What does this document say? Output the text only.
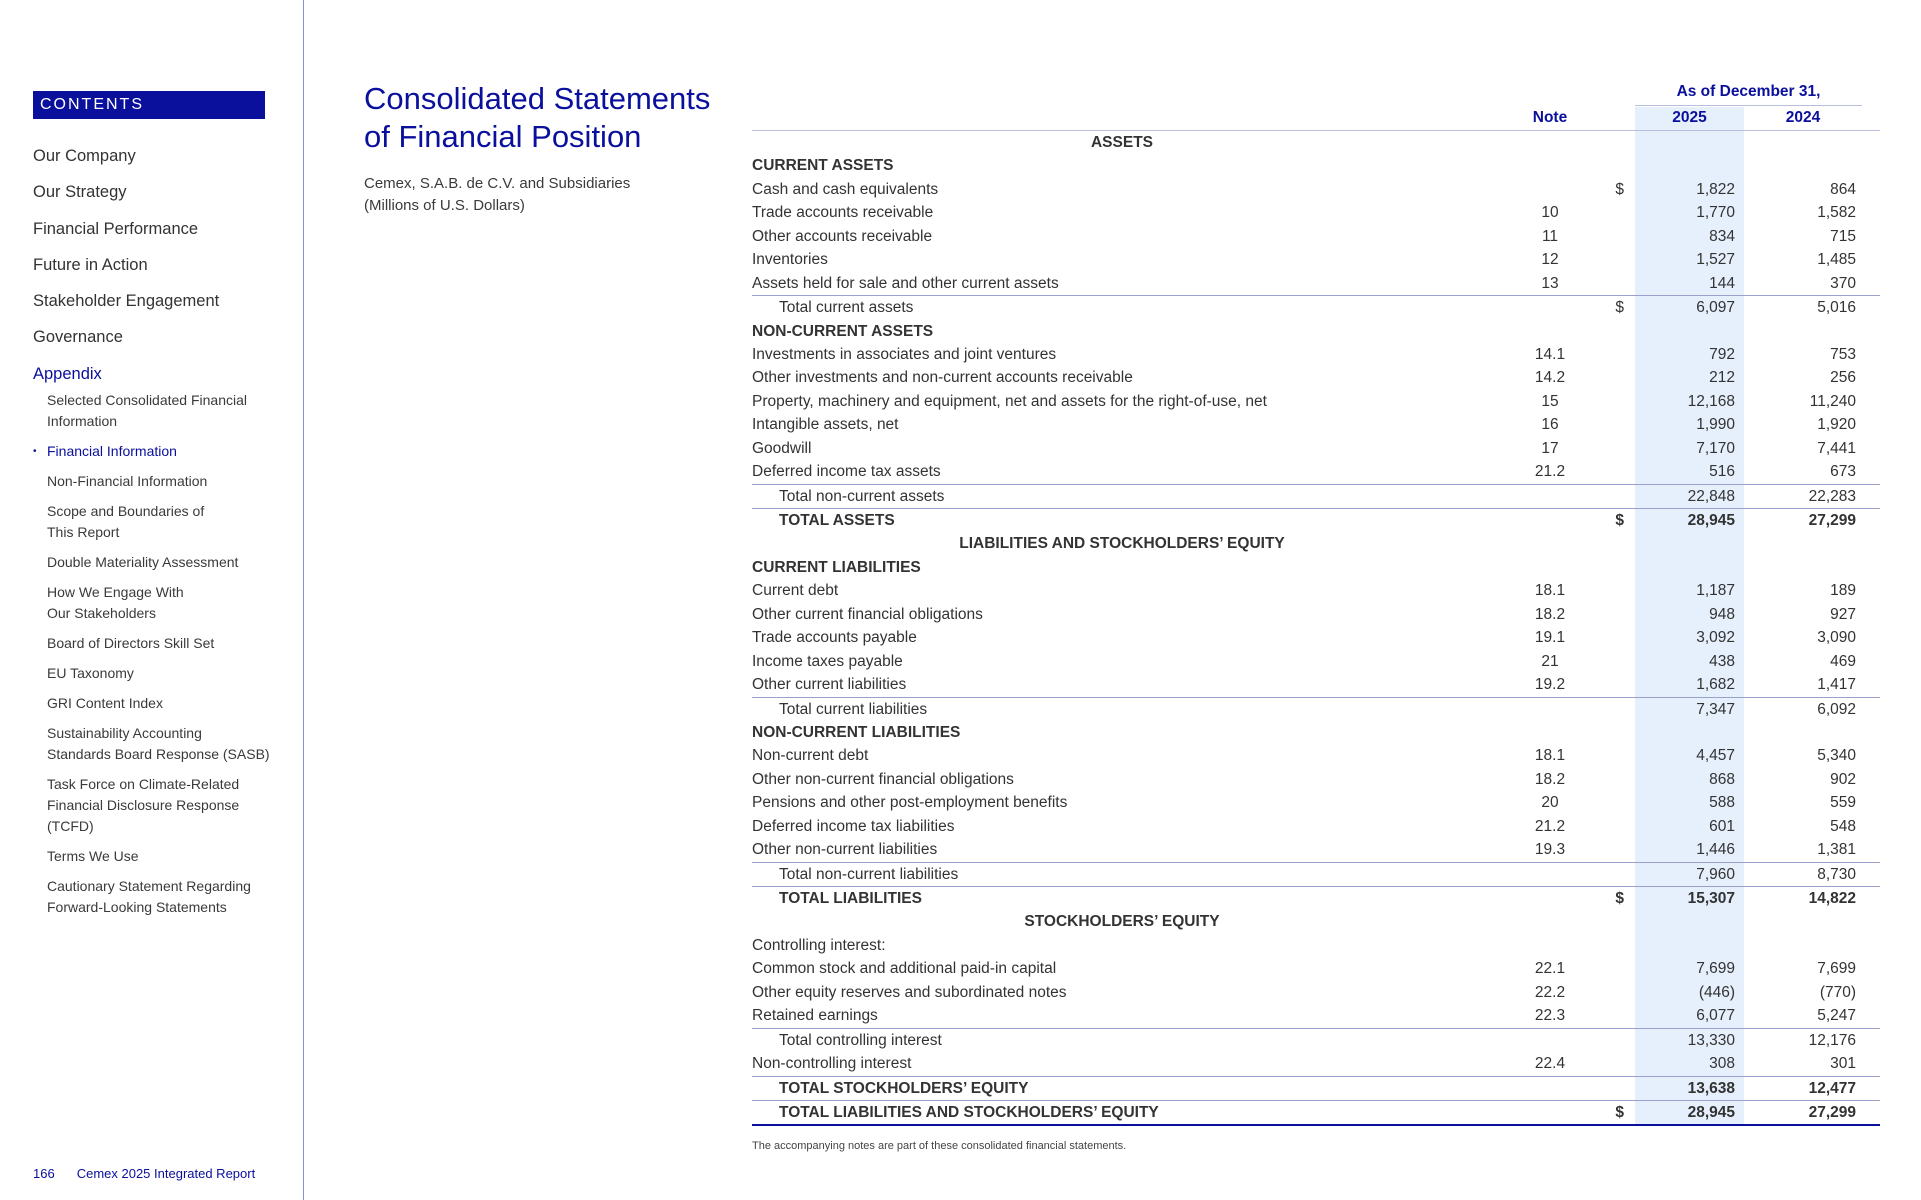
CONTENTS
Our Company
Our Strategy
Financial Performance
Future in Action
Stakeholder Engagement
Governance
Appendix
Selected Consolidated Financial
Information
• Financial Information
Non-Financial Information
Scope and Boundaries of
This Report
Double Materiality Assessment
How We Engage With
Our Stakeholders
Board of Directors Skill Set
EU Taxonomy
GRI Content Index
Sustainability Accounting
Standards Board Response (SASB)
Task Force on Climate-Related
Financial Disclosure Response
(TCFD)
Terms We Use
Cautionary Statement Regarding
Forward-Looking Statements
166 Cemex 2025 Integrated Report
Consolidated Statements
of Financial Position
Cemex, S.A.B. de C.V. and Subsidiaries
(Millions of U.S. Dollars)
As of December 31,
Note	2025	2024
ASSETS
CURRENT ASSETS
Cash and cash equivalents	$	1,822	864
Trade accounts receivable	10	1,770	1,582
Other accounts receivable	11	834	715
Inventories	12	1,527	1,485
Assets held for sale and other current assets	13	144	370
Total current assets	$	6,097	5,016
NON-CURRENT ASSETS
Investments in associates and joint ventures	14.1	792	753
Other investments and non-current accounts receivable	14.2	212	256
Property, machinery and equipment, net and assets for the right-of-use, net	15	12,168	11,240
Intangible assets, net	16	1,990	1,920
Goodwill	17	7,170	7,441
Deferred income tax assets	21.2	516	673
Total non-current assets	22,848	22,283
TOTAL ASSETS	$	28,945	27,299
LIABILITIES AND STOCKHOLDERS’ EQUITY
CURRENT LIABILITIES
Current debt	18.1	1,187	189
Other current financial obligations	18.2	948	927
Trade accounts payable	19.1	3,092	3,090
Income taxes payable	21	438	469
Other current liabilities	19.2	1,682	1,417
Total current liabilities	7,347	6,092
NON-CURRENT LIABILITIES
Non-current debt	18.1	4,457	5,340
Other non-current financial obligations	18.2	868	902
Pensions and other post-employment benefits	20	588	559
Deferred income tax liabilities	21.2	601	548
Other non-current liabilities	19.3	1,446	1,381
Total non-current liabilities	7,960	8,730
TOTAL LIABILITIES	$	15,307	14,822
STOCKHOLDERS’ EQUITY
Controlling interest:
Common stock and additional paid-in capital	22.1	7,699	7,699
Other equity reserves and subordinated notes	22.2	(446)	(770)
Retained earnings	22.3	6,077	5,247
Total controlling interest	13,330	12,176
Non-controlling interest	22.4	308	301
TOTAL STOCKHOLDERS’ EQUITY	13,638	12,477
TOTAL LIABILITIES AND STOCKHOLDERS’ EQUITY	$	28,945	27,299
The accompanying notes are part of these consolidated financial statements.
